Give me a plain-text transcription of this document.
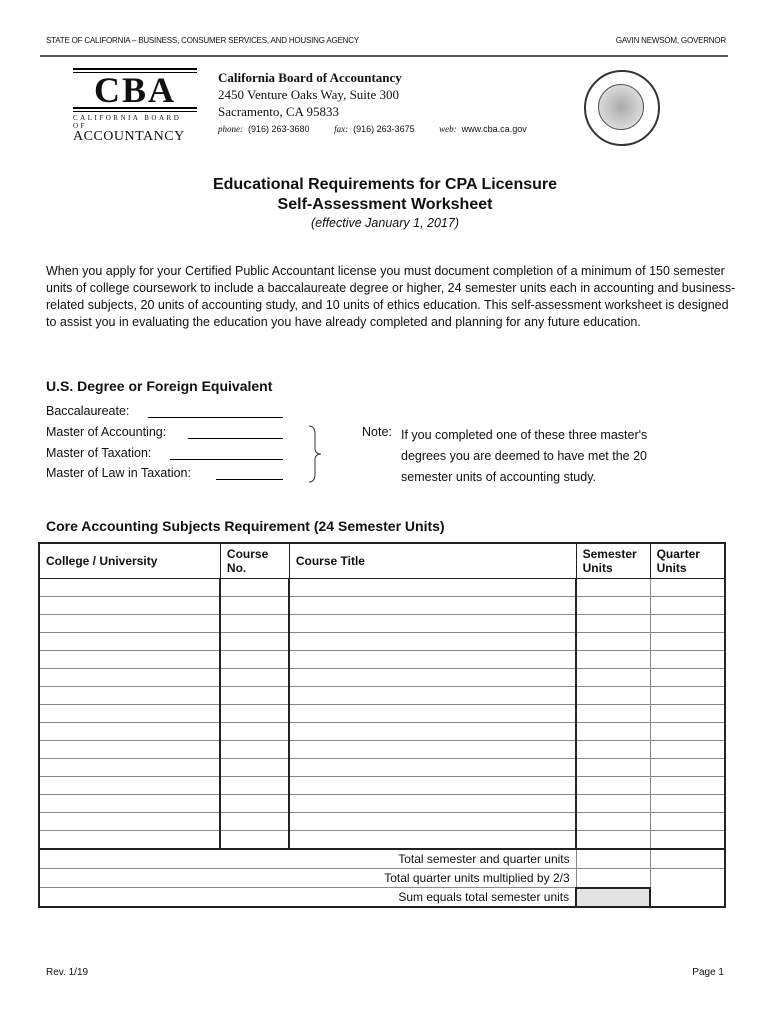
STATE OF CALIFORNIA – BUSINESS, CONSUMER SERVICES, AND HOUSING AGENCY	GAVIN NEWSOM, GOVERNOR
CBA
CALIFORNIA BOARD OF
ACCOUNTANCY
California Board of Accountancy
2450 Venture Oaks Way, Suite 300
Sacramento, CA 95833
phone: (916) 263-3680	fax: (916) 263-3675	web: www.cba.ca.gov
Educational Requirements for CPA Licensure
Self-Assessment Worksheet
(effective January 1, 2017)
When you apply for your Certified Public Accountant license you must document completion of a minimum of 150 semester units of college coursework to include a baccalaureate degree or higher, 24 semester units each in accounting and business-related subjects, 20 units of accounting study, and 10 units of ethics education. This self-assessment worksheet is designed to assist you in evaluating the education you have already completed and planning for any future education.
U.S. Degree or Foreign Equivalent
Baccalaureate:
Master of Accounting:
Master of Taxation:
Master of Law in Taxation:
Note: If you completed one of these three master's degrees you are deemed to have met the 20 semester units of accounting study.
Core Accounting Subjects Requirement (24 Semester Units)
College / University	Course No.	Course Title	Semester Units	Quarter Units

Total semester and quarter units				
Total quarter units multiplied by 2/3				
Sum equals total semester units				
Rev. 1/19	Page 1
